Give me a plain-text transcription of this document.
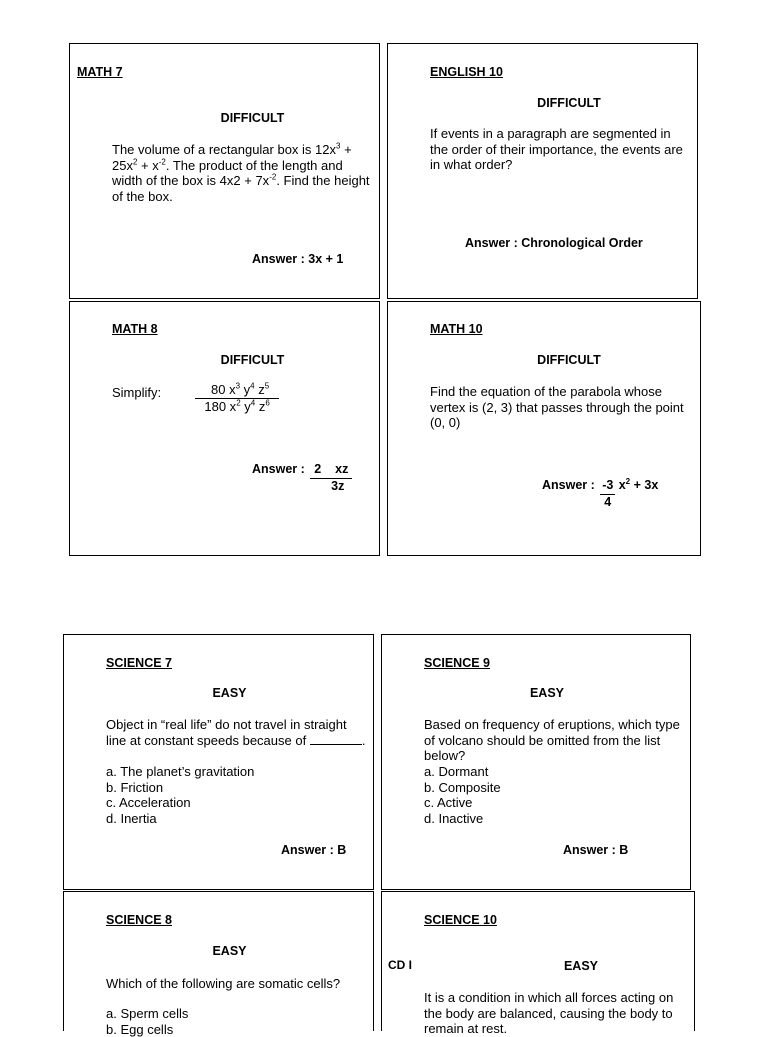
MATH 7
DIFFICULT
The volume of a rectangular box is $12x^3 + 25x^2 + x^{-2}$. The product of the length and width of the box is $4x2 + 7x^{-2}$. Find the height of the box.
Answer : 3x + 1
ENGLISH 10
DIFFICULT
If events in a paragraph are segmented in the order of their importance, the events are in what order?
Answer : Chronological Order
MATH 8
DIFFICULT
Simplify:	$\frac{80 x^3 y^4 z^5}{180 x^2 y^4 z^6}$
Answer : $\frac{2 xz}{3z}$
MATH 10
DIFFICULT
Find the equation of the parabola whose vertex is (2, 3) that passes through the point (0, 0)
Answer : $\frac{-3}{4} x^2 + 3x$
SCIENCE 7
EASY
Object in “real life” do not travel in straight line at constant speeds because of	.
a. The planet’s gravitation
b. Friction
c. Acceleration
d. Inertia
Answer : B
SCIENCE 9
EASY
Based on frequency of eruptions, which type of volcano should be omitted from the list below?
a. Dormant
b. Composite
c. Active
d. Inactive
Answer : B
SCIENCE 8
EASY
Which of the following are somatic cells?
a. Sperm cells
b. Egg cells
SCIENCE 10
EASY
It is a condition in which all forces acting on the body are balanced, causing the body to remain at rest.
CD I
